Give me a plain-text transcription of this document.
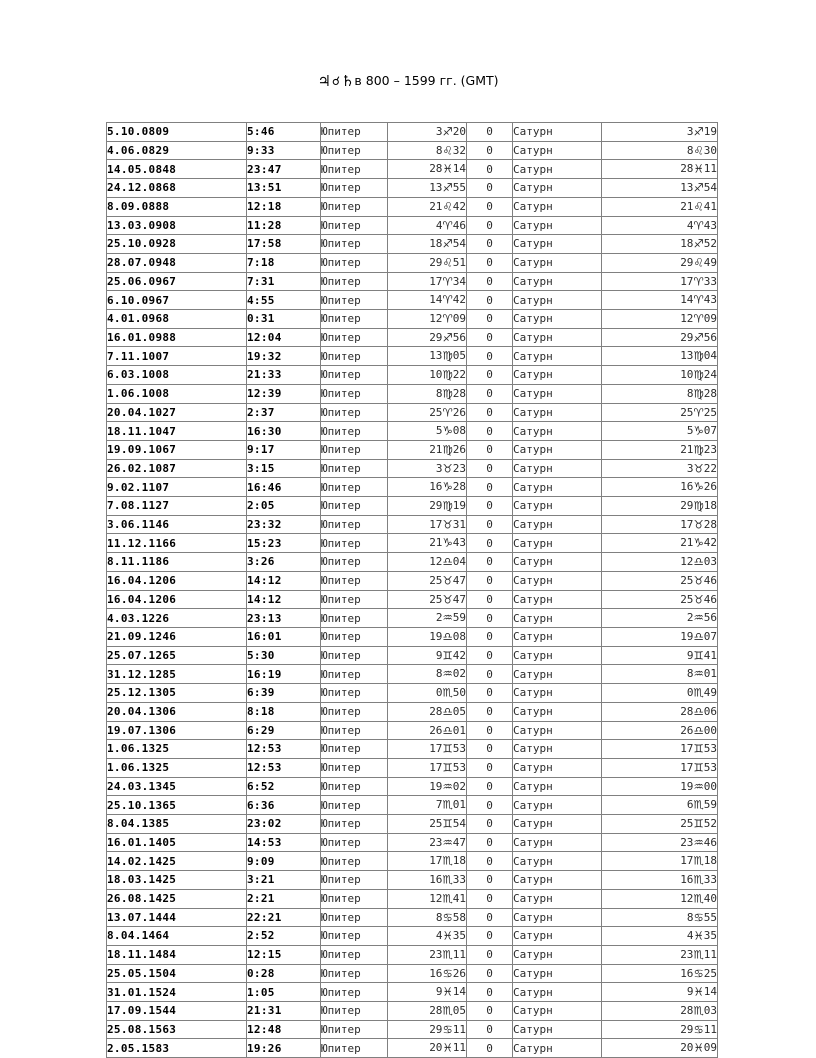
♃☌♄в 800 – 1599 гг. (GMT)
5.10.0809	5:46	Юпитер	3♐20	0	Сатурн	3♐19
4.06.0829	9:33	Юпитер	8♌32	0	Сатурн	8♌30
14.05.0848	23:47	Юпитер	28♓14	0	Сатурн	28♓11
24.12.0868	13:51	Юпитер	13♐55	0	Сатурн	13♐54
8.09.0888	12:18	Юпитер	21♌42	0	Сатурн	21♌41
13.03.0908	11:28	Юпитер	4♈46	0	Сатурн	4♈43
25.10.0928	17:58	Юпитер	18♐54	0	Сатурн	18♐52
28.07.0948	7:18	Юпитер	29♌51	0	Сатурн	29♌49
25.06.0967	7:31	Юпитер	17♈34	0	Сатурн	17♈33
6.10.0967	4:55	Юпитер	14♈42	0	Сатурн	14♈43
4.01.0968	0:31	Юпитер	12♈09	0	Сатурн	12♈09
16.01.0988	12:04	Юпитер	29♐56	0	Сатурн	29♐56
7.11.1007	19:32	Юпитер	13♍05	0	Сатурн	13♍04
6.03.1008	21:33	Юпитер	10♍22	0	Сатурн	10♍24
1.06.1008	12:39	Юпитер	8♍28	0	Сатурн	8♍28
20.04.1027	2:37	Юпитер	25♈26	0	Сатурн	25♈25
18.11.1047	16:30	Юпитер	5♑08	0	Сатурн	5♑07
19.09.1067	9:17	Юпитер	21♍26	0	Сатурн	21♍23
26.02.1087	3:15	Юпитер	3♉23	0	Сатурн	3♉22
9.02.1107	16:46	Юпитер	16♑28	0	Сатурн	16♑26
7.08.1127	2:05	Юпитер	29♍19	0	Сатурн	29♍18
3.06.1146	23:32	Юпитер	17♉31	0	Сатурн	17♉28
11.12.1166	15:23	Юпитер	21♑43	0	Сатурн	21♑42
8.11.1186	3:26	Юпитер	12♎04	0	Сатурн	12♎03
16.04.1206	14:12	Юпитер	25♉47	0	Сатурн	25♉46
16.04.1206	14:12	Юпитер	25♉47	0	Сатурн	25♉46
4.03.1226	23:13	Юпитер	2♒59	0	Сатурн	2♒56
21.09.1246	16:01	Юпитер	19♎08	0	Сатурн	19♎07
25.07.1265	5:30	Юпитер	9♊42	0	Сатурн	9♊41
31.12.1285	16:19	Юпитер	8♒02	0	Сатурн	8♒01
25.12.1305	6:39	Юпитер	0♏50	0	Сатурн	0♏49
20.04.1306	8:18	Юпитер	28♎05	0	Сатурн	28♎06
19.07.1306	6:29	Юпитер	26♎01	0	Сатурн	26♎00
1.06.1325	12:53	Юпитер	17♊53	0	Сатурн	17♊53
1.06.1325	12:53	Юпитер	17♊53	0	Сатурн	17♊53
24.03.1345	6:52	Юпитер	19♒02	0	Сатурн	19♒00
25.10.1365	6:36	Юпитер	7♏01	0	Сатурн	6♏59
8.04.1385	23:02	Юпитер	25♊54	0	Сатурн	25♊52
16.01.1405	14:53	Юпитер	23♒47	0	Сатурн	23♒46
14.02.1425	9:09	Юпитер	17♏18	0	Сатурн	17♏18
18.03.1425	3:21	Юпитер	16♏33	0	Сатурн	16♏33
26.08.1425	2:21	Юпитер	12♏41	0	Сатурн	12♏40
13.07.1444	22:21	Юпитер	8♋58	0	Сатурн	8♋55
8.04.1464	2:52	Юпитер	4♓35	0	Сатурн	4♓35
18.11.1484	12:15	Юпитер	23♏11	0	Сатурн	23♏11
25.05.1504	0:28	Юпитер	16♋26	0	Сатурн	16♋25
31.01.1524	1:05	Юпитер	9♓14	0	Сатурн	9♓14
17.09.1544	21:31	Юпитер	28♏05	0	Сатурн	28♏03
25.08.1563	12:48	Юпитер	29♋11	0	Сатурн	29♋11
2.05.1583	19:26	Юпитер	20♓11	0	Сатурн	20♓09
